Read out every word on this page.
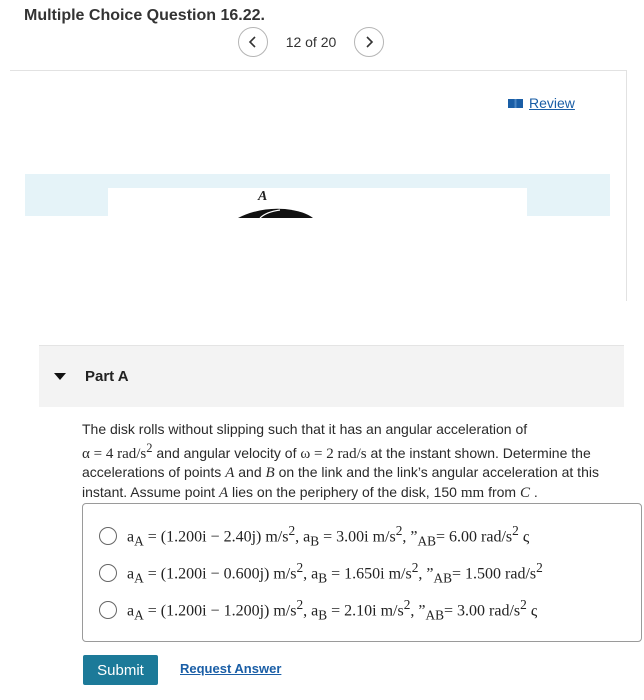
Multiple Choice Question 16.22.
12 of 20
Review
A
Part A
The disk rolls without slipping such that it has an angular acceleration of
α = 4 rad/$s^2$ and angular velocity of ω = 2 rad/s at the instant shown. Determine the accelerations of points A and B on the link and the link’s angular acceleration at this instant. Assume point A lies on the periphery of the disk, 150 mm from C .
$a_A = (1.200i - 2.40j)$ $m/s^2$, $a_B = 3.00i$ $m/s^2$, $”_{AB}= 6.00$ rad/$s^2$ ς
$a_A = (1.200i - 0.600j)$ $m/s^2$, $a_B = 1.650i$ $m/s^2$, $”_{AB}= 1.500$ rad/$s^2$
$a_A = (1.200i - 1.200j)$ $m/s^2$, $a_B = 2.10i$ $m/s^2$, $”_{AB}= 3.00$ rad/$s^2$ ς
Submit	Request Answer
